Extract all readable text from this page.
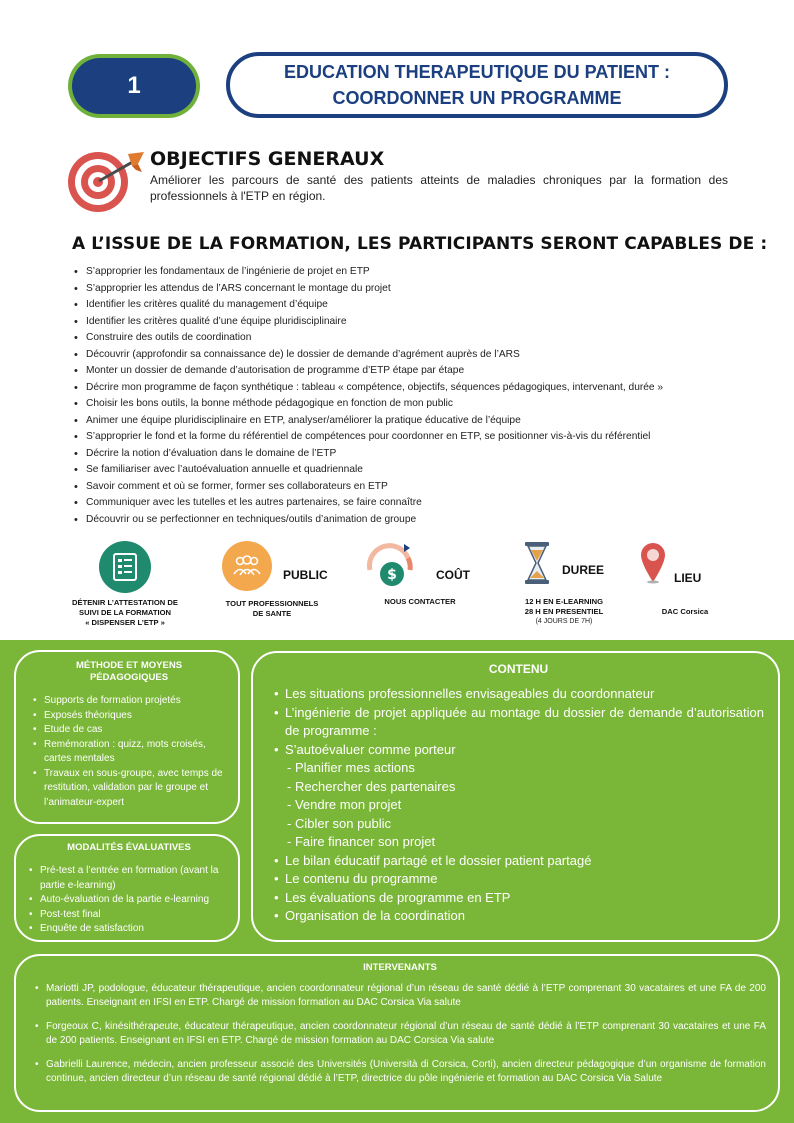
1	EDUCATION THERAPEUTIQUE DU PATIENT :
COORDONNER UN PROGRAMME
OBJECTIFS GENERAUX
Améliorer les parcours de santé des patients atteints de maladies chroniques par la formation des professionnels à l'ETP en région.
A L’ISSUE DE LA FORMATION, LES PARTICIPANTS SERONT CAPABLES DE :
• S’approprier les fondamentaux de l’ingénierie de projet en ETP
• S’approprier les attendus de l’ARS concernant le montage du projet
• Identifier les critères qualité du management d’équipe
• Identifier les critères qualité d’une équipe pluridisciplinaire
• Construire des outils de coordination
• Découvrir (approfondir sa connaissance de) le dossier de demande d’agrément auprès de l’ARS
• Monter un dossier de demande d’autorisation de programme d’ETP étape par étape
• Décrire mon programme de façon synthétique : tableau « compétence, objectifs, séquences pédagogiques, intervenant, durée »
• Choisir les bons outils, la bonne méthode pédagogique en fonction de mon public
• Animer une équipe pluridisciplinaire en ETP, analyser/améliorer la pratique éducative de l’équipe
• S’approprier le fond et la forme du référentiel de compétences pour coordonner en ETP, se positionner vis-à-vis du référentiel
• Décrire la notion d’évaluation dans le domaine de l’ETP
• Se familiariser avec l’autoévaluation annuelle et quadriennale
• Savoir comment et où se former, former ses collaborateurs en ETP
• Communiquer avec les tutelles et les autres partenaires, se faire connaître
• Découvrir ou se perfectionner en techniques/outils d’animation de groupe
DÉTENIR L’ATTESTATION DE
SUIVI DE LA FORMATION
« DISPENSER L’ETP »
PUBLIC
TOUT PROFESSIONNELS
DE SANTE
$	COÛT
NOUS CONTACTER
DUREE
12 H EN E-LEARNING
28 H EN PRESENTIEL
(4 JOURS DE 7H)
LIEU
DAC Corsica
MÉTHODE ET MOYENS
PÉDAGOGIQUES
• Supports de formation projetés
• Exposés théoriques
• Etude de cas
• Remémoration : quizz, mots croisés, cartes mentales
• Travaux en sous-groupe, avec temps de restitution, validation par le groupe et l’animateur-expert
MODALITÉS ÉVALUATIVES
• Pré-test a l’entrée en formation (avant la partie e-learning)
• Auto-évaluation de la partie e-learning
• Post-test final
• Enquête de satisfaction
CONTENU
• Les situations professionnelles envisageables du coordonnateur
• L’ingénierie de projet appliquée au montage du dossier de demande d’autorisation de programme :
• S’autoévaluer comme porteur
- Planifier mes actions
- Rechercher des partenaires
- Vendre mon projet
- Cibler son public
- Faire financer son projet
• Le bilan éducatif partagé et le dossier patient partagé
• Le contenu du programme
• Les évaluations de programme en ETP
• Organisation de la coordination
INTERVENANTS
• Mariotti JP, podologue, éducateur thérapeutique, ancien coordonnateur régional d’un réseau de santé dédié à l’ETP comprenant 30 vacataires et une FA de 200 patients. Enseignant en IFSI en ETP. Chargé de mission formation au DAC Corsica Via salute
• Forgeoux C, kinésithérapeute, éducateur thérapeutique, ancien coordonnateur régional d’un réseau de santé dédié à l’ETP comprenant 30 vacataires et une FA de 200 patients. Enseignant en IFSI en ETP. Chargé de mission formation au DAC Corsica Via salute
• Gabrielli Laurence, médecin, ancien professeur associé des Universités (Università di Corsica, Corti), ancien directeur pédagogique d’un organisme de formation continue, ancien directeur d’un réseau de santé régional dédié à l’ETP, directrice du pôle ingénierie et formation au DAC Corsica Via Salute
